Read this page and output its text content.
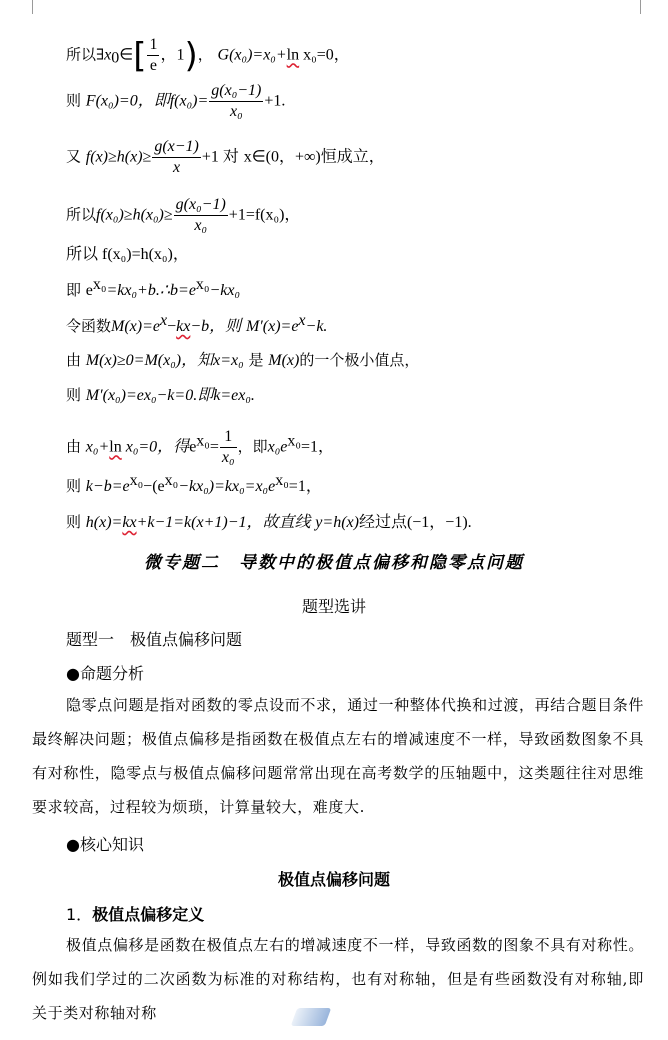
所以$\exists x_0\in[ \frac{1}{e}$ ，1)， G(x₀)=x₀+ln x₀=0，
则 F(x₀)=0，即$f(x_0)= \frac{\text{g(x₀−1)}}{\text{x₀}} +1$.
又 $f(x)\ge h(x)\ge \frac{g(x-1)}{x} +1$ 对 x∈(0，+∞)恒成立，
所以$f(x_0)\ge h(x_0)\ge \frac{\text{g(x₀−1)}}{\text{x₀}} +1=f(x_0)$，
所以 f(x₀)=h(x₀)，
即 $e^{x_0}=kx_0+b.\therefore b=e^{x_0}-kx_0$
令函数$M(x)=e^x-kx-b$，则 $M'(x)=e^x-k$.
由 M(x)≥0=M(x₀)，知x=x₀ 是 M(x)的一个极小值点，
则 M′(x₀)=ex₀−k=0.即k=ex₀.
由 x₀+ln x₀=0，得$e^{x_0}= \frac{1}{\text{x₀}}$ ，即$x_0e^{x_0}=1$，
则 $k-b=e^{x_0}-(e^{x_0}-kx_0)=kx_0=x_0e^{x_0}=1$，
则 h(x)=kx+k−1=k(x+1)−1，故直线 y=h(x)经过点(−1，−1).
微专题二　导数中的极值点偏移和隐零点问题
题型选讲
题型一　极值点偏移问题
●命题分析
隐零点问题是指对函数的零点设而不求，通过一种整体代换和过渡，再结合题目条件最终解决问题；极值点偏移是指函数在极值点左右的增减速度不一样，导致函数图象不具有对称性，隐零点与极值点偏移问题常常出现在高考数学的压轴题中，这类题往往对思维要求较高，过程较为烦琐，计算量较大，难度大.
●核心知识
极值点偏移问题
1．极值点偏移定义
极值点偏移是函数在极值点左右的增减速度不一样，导致函数的图象不具有对称性。例如我们学过的二次函数为标准的对称结构，也有对称轴，但是有些函数没有对称轴,即关于类对称轴对称
